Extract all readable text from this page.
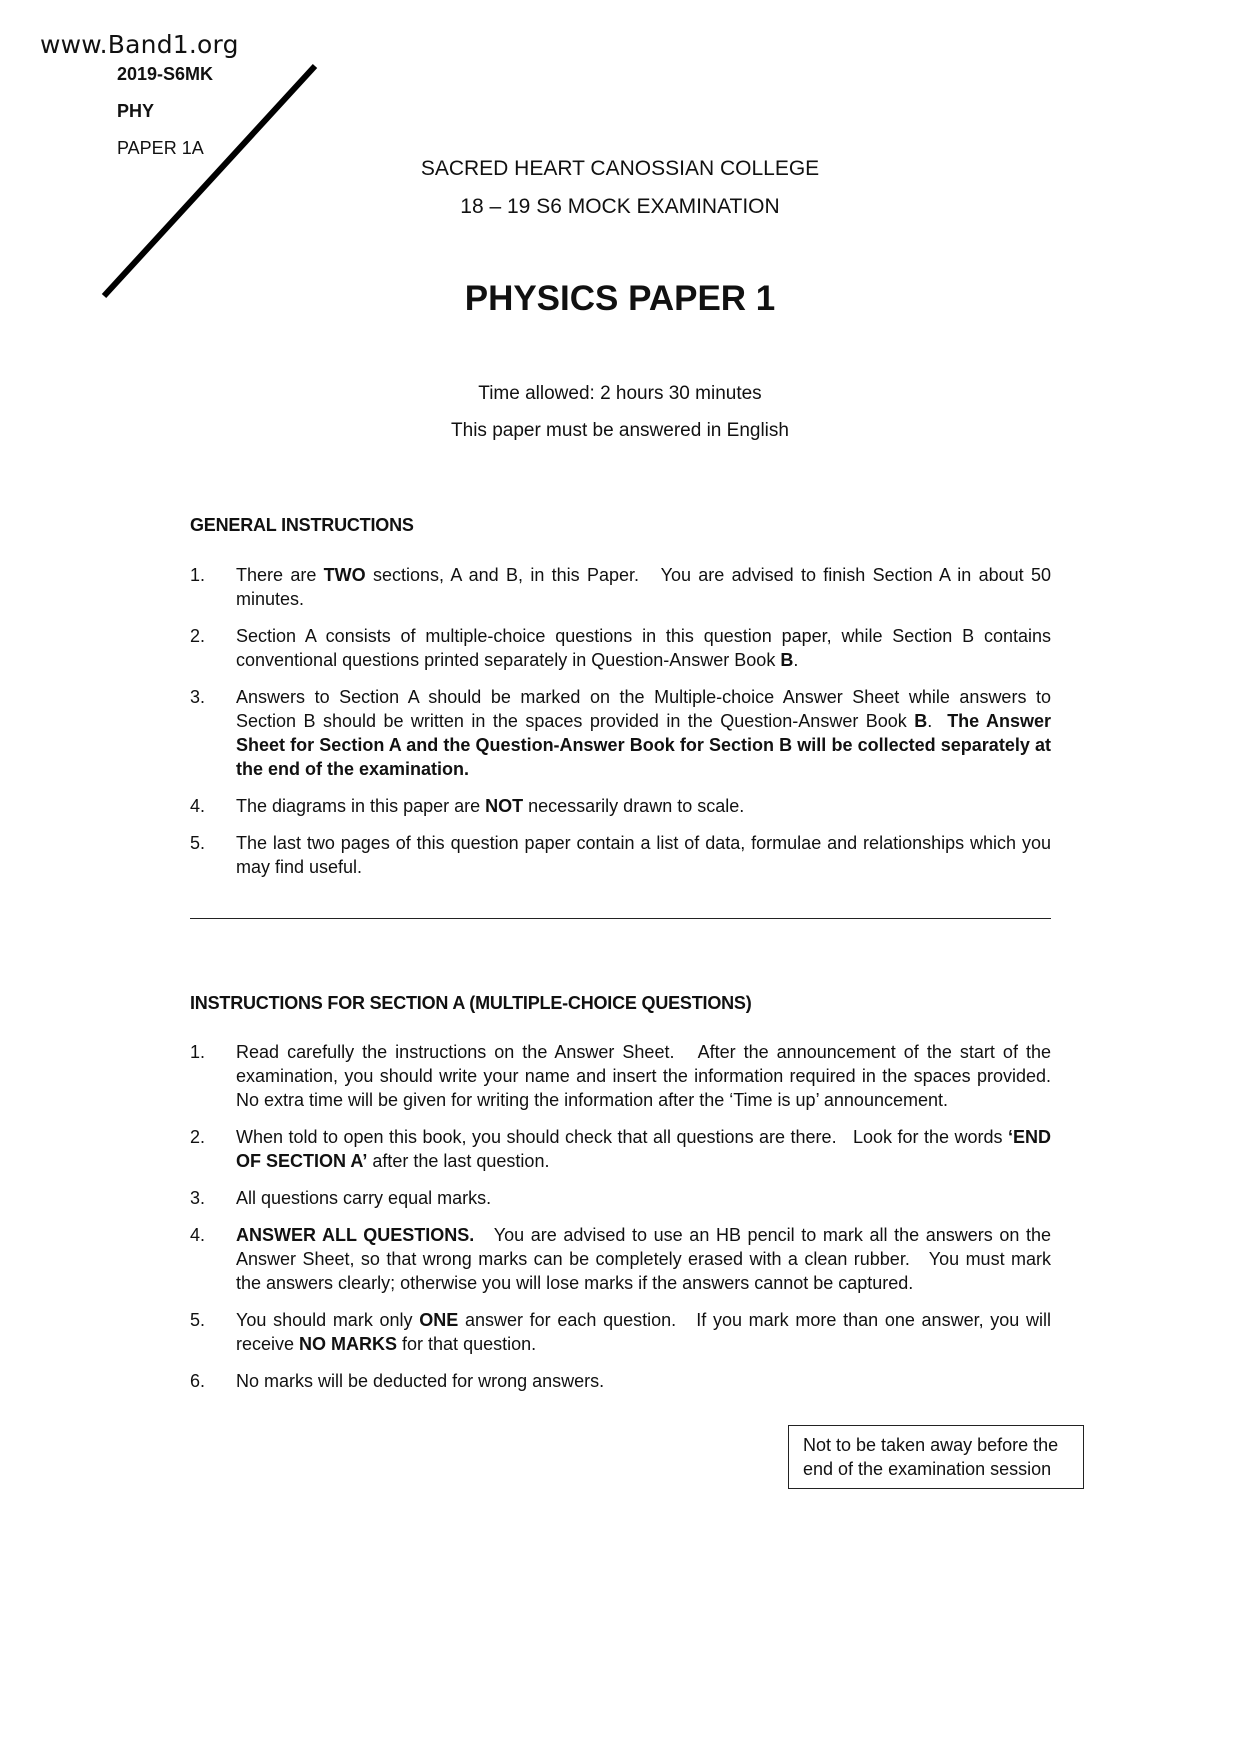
www.Band1.org
2019-S6MK
PHY
PAPER 1A
SACRED HEART CANOSSIAN COLLEGE
18 – 19 S6 MOCK EXAMINATION
PHYSICS PAPER 1
Time allowed: 2 hours 30 minutes
This paper must be answered in English
GENERAL INSTRUCTIONS
1. There are TWO sections, A and B, in this Paper.   You are advised to finish Section A in about 50 minutes.
2. Section A consists of multiple-choice questions in this question paper, while Section B contains conventional questions printed separately in Question-Answer Book B.
3. Answers to Section A should be marked on the Multiple-choice Answer Sheet while answers to Section B should be written in the spaces provided in the Question-Answer Book B.  The Answer Sheet for Section A and the Question-Answer Book for Section B will be collected separately at the end of the examination.
4. The diagrams in this paper are NOT necessarily drawn to scale.
5. The last two pages of this question paper contain a list of data, formulae and relationships which you may find useful.
INSTRUCTIONS FOR SECTION A (MULTIPLE-CHOICE QUESTIONS)
1. Read carefully the instructions on the Answer Sheet.   After the announcement of the start of the examination, you should write your name and insert the information required in the spaces provided.  No extra time will be given for writing the information after the ‘Time is up’ announcement.
2. When told to open this book, you should check that all questions are there.   Look for the words ‘END OF SECTION A’ after the last question.
3. All questions carry equal marks.
4. ANSWER ALL QUESTIONS.   You are advised to use an HB pencil to mark all the answers on the Answer Sheet, so that wrong marks can be completely erased with a clean rubber.   You must mark the answers clearly; otherwise you will lose marks if the answers cannot be captured.
5. You should mark only ONE answer for each question.   If you mark more than one answer, you will receive NO MARKS for that question.
6. No marks will be deducted for wrong answers.
Not to be taken away before the
end of the examination session
